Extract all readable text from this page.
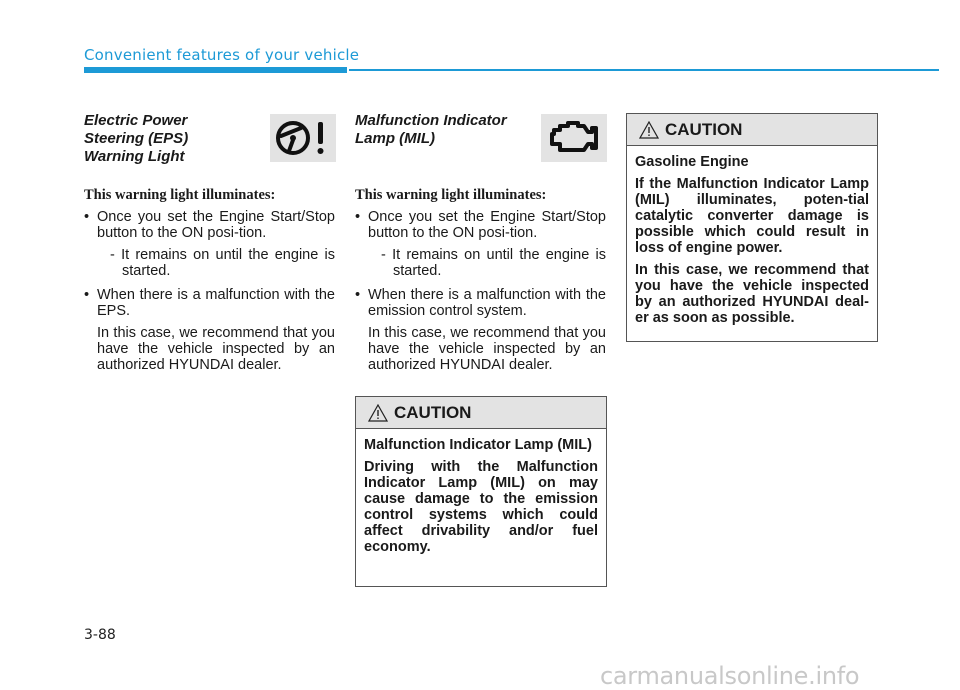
Convenient features of your vehicle
Electric Power
Steering (EPS)
Warning Light
This warning light illuminates:

• Once you set the Engine Start/Stop button to the ON posi-tion.

- It remains on until the engine is started.

• When there is a malfunction with the EPS.

In this case, we recommend that you have the vehicle inspected by an authorized HYUNDAI dealer.

Malfunction Indicator
Lamp (MIL)
This warning light illuminates:

• Once you set the Engine Start/Stop button to the ON posi-tion.

- It remains on until the engine is started.

• When there is a malfunction with the emission control system.

In this case, we recommend that you have the vehicle inspected by an authorized HYUNDAI dealer.

CAUTION

Malfunction Indicator Lamp (MIL)

Driving with the Malfunction Indicator Lamp (MIL) on may cause damage to the emission control systems which could affect drivability and/or fuel economy.

CAUTION

Gasoline Engine

If the Malfunction Indicator Lamp (MIL) illuminates, poten-tial catalytic converter damage is possible which could result in loss of engine power.

In this case, we recommend that you have the vehicle inspected by an authorized HYUNDAI deal-er as soon as possible.

3-88
carmanualsonline.info
